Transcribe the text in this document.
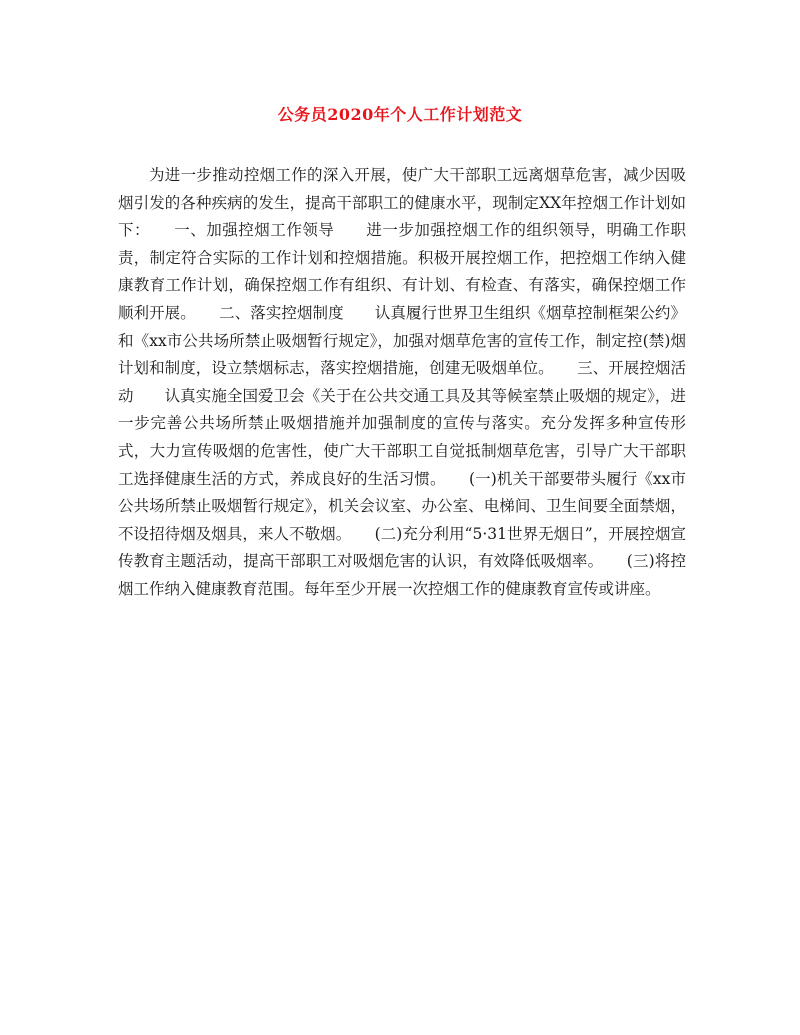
公务员2020年个人工作计划范文
为进一步推动控烟工作的深入开展，使广大干部职工远离烟草危害，减少因吸烟引发的各种疾病的发生，提高干部职工的健康水平，现制定XX年控烟工作计划如下：　　一、加强控烟工作领导　　进一步加强控烟工作的组织领导，明确工作职责，制定符合实际的工作计划和控烟措施。积极开展控烟工作，把控烟工作纳入健康教育工作计划，确保控烟工作有组织、有计划、有检查、有落实，确保控烟工作顺利开展。　　二、落实控烟制度　　认真履行世界卫生组织《烟草控制框架公约》和《xx市公共场所禁止吸烟暂行规定》，加强对烟草危害的宣传工作，制定控(禁)烟计划和制度，设立禁烟标志，落实控烟措施，创建无吸烟单位。　　三、开展控烟活动　　认真实施全国爱卫会《关于在公共交通工具及其等候室禁止吸烟的规定》，进一步完善公共场所禁止吸烟措施并加强制度的宣传与落实。充分发挥多种宣传形式，大力宣传吸烟的危害性，使广大干部职工自觉抵制烟草危害，引导广大干部职工选择健康生活的方式，养成良好的生活习惯。　　(一)机关干部要带头履行《xx市公共场所禁止吸烟暂行规定》，机关会议室、办公室、电梯间、卫生间要全面禁烟，不设招待烟及烟具，来人不敬烟。　　(二)充分利用“5·31世界无烟日”，开展控烟宣传教育主题活动，提高干部职工对吸烟危害的认识，有效降低吸烟率。　　(三)将控烟工作纳入健康教育范围。每年至少开展一次控烟工作的健康教育宣传或讲座。
